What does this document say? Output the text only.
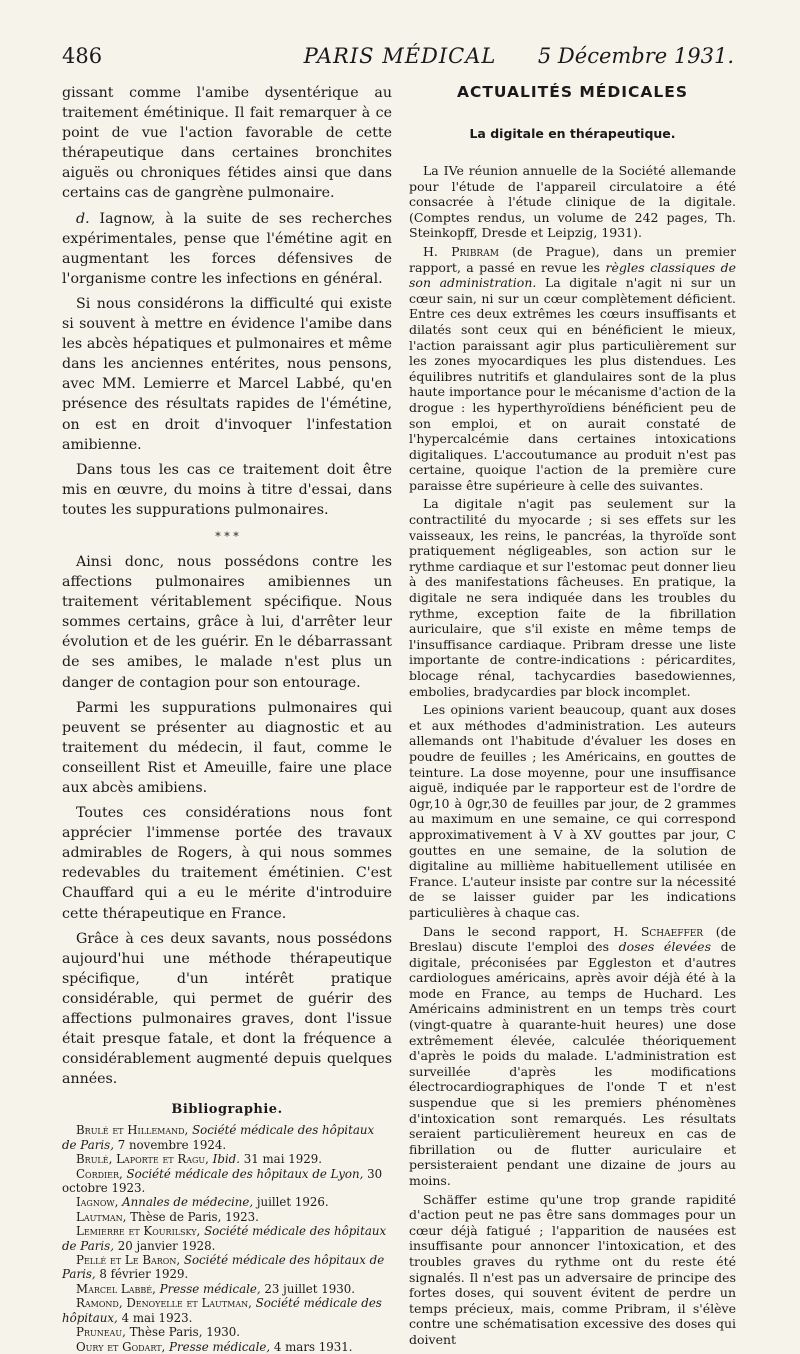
486	PARIS MÉDICAL	5 Décembre 1931.

gissant comme l'amibe dysentérique au traitement émétinique. Il fait remarquer à ce point de vue l'action favorable de cette thérapeutique dans certaines bronchites aiguës ou chroniques fétides ainsi que dans certains cas de gangrène pulmonaire.

d. Iagnow, à la suite de ses recherches expérimentales, pense que l'émétine agit en augmentant les forces défensives de l'organisme contre les infections en général.

Si nous considérons la difficulté qui existe si souvent à mettre en évidence l'amibe dans les abcès hépatiques et pulmonaires et même dans les anciennes entérites, nous pensons, avec MM. Lemierre et Marcel Labbé, qu'en présence des résultats rapides de l'émétine, on est en droit d'invoquer l'infestation amibienne.

Dans tous les cas ce traitement doit être mis en œuvre, du moins à titre d'essai, dans toutes les suppurations pulmonaires.

* * *

Ainsi donc, nous possédons contre les affections pulmonaires amibiennes un traitement véritablement spécifique. Nous sommes certains, grâce à lui, d'arrêter leur évolution et de les guérir. En le débarrassant de ses amibes, le malade n'est plus un danger de contagion pour son entourage.

Parmi les suppurations pulmonaires qui peuvent se présenter au diagnostic et au traitement du médecin, il faut, comme le conseillent Rist et Ameuille, faire une place aux abcès amibiens.

Toutes ces considérations nous font apprécier l'immense portée des travaux admirables de Rogers, à qui nous sommes redevables du traitement émétinien. C'est Chauffard qui a eu le mérite d'introduire cette thérapeutique en France.

Grâce à ces deux savants, nous possédons aujourd'hui une méthode thérapeutique spécifique, d'un intérêt pratique considérable, qui permet de guérir des affections pulmonaires graves, dont l'issue était presque fatale, et dont la fréquence a considérablement augmenté depuis quelques années.

Bibliographie.

Brulé et Hillemand, Société médicale des hôpitaux de Paris, 7 novembre 1924.

Brulé, Laporte et Ragu, Ibid. 31 mai 1929.

Cordier, Société médicale des hôpitaux de Lyon, 30 octobre 1923.

Iagnow, Annales de médecine, juillet 1926.

Lautman, Thèse de Paris, 1923.

Lemierre et Kourilsky, Société médicale des hôpitaux de Paris, 20 janvier 1928.

Pellé et Le Baron, Société médicale des hôpitaux de Paris, 8 février 1929.

Marcel Labbé, Presse médicale, 23 juillet 1930.

Ramond, Denoyelle et Lautman, Société médicale des hôpitaux, 4 mai 1923.

Pruneau, Thèse Paris, 1930.

Oury et Godart, Presse médicale, 4 mars 1931.

ACTUALITÉS MÉDICALES
La digitale en thérapeutique.

La IVe réunion annuelle de la Société allemande pour l'étude de l'appareil circulatoire a été consacrée à l'étude clinique de la digitale. (Comptes rendus, un volume de 242 pages, Th. Steinkopff, Dresde et Leipzig, 1931).

H. Pribram (de Prague), dans un premier rapport, a passé en revue les règles classiques de son administration. La digitale n'agit ni sur un cœur sain, ni sur un cœur complètement déficient. Entre ces deux extrêmes les cœurs insuffisants et dilatés sont ceux qui en bénéficient le mieux, l'action paraissant agir plus particulièrement sur les zones myocardiques les plus distendues. Les équilibres nutritifs et glandulaires sont de la plus haute importance pour le mécanisme d'action de la drogue : les hyperthyroïdiens bénéficient peu de son emploi, et on aurait constaté de l'hypercalcémie dans certaines intoxications digitaliques. L'accoutumance au produit n'est pas certaine, quoique l'action de la première cure paraisse être supérieure à celle des suivantes.

La digitale n'agit pas seulement sur la contractilité du myocarde ; si ses effets sur les vaisseaux, les reins, le pancréas, la thyroïde sont pratiquement négligeables, son action sur le rythme cardiaque et sur l'estomac peut donner lieu à des manifestations fâcheuses. En pratique, la digitale ne sera indiquée dans les troubles du rythme, exception faite de la fibrillation auriculaire, que s'il existe en même temps de l'insuffisance cardiaque. Pribram dresse une liste importante de contre-indications : péricardites, blocage rénal, tachycardies basedowiennes, embolies, bradycardies par block incomplet.

Les opinions varient beaucoup, quant aux doses et aux méthodes d'administration. Les auteurs allemands ont l'habitude d'évaluer les doses en poudre de feuilles ; les Américains, en gouttes de teinture. La dose moyenne, pour une insuffisance aiguë, indiquée par le rapporteur est de l'ordre de 0gr,10 à 0gr,30 de feuilles par jour, de 2 grammes au maximum en une semaine, ce qui correspond approximativement à V à XV gouttes par jour, C gouttes en une semaine, de la solution de digitaline au millième habituellement utilisée en France. L'auteur insiste par contre sur la nécessité de se laisser guider par les indications particulières à chaque cas.

Dans le second rapport, H. Schaeffer (de Breslau) discute l'emploi des doses élevées de digitale, préconisées par Eggleston et d'autres cardiologues américains, après avoir déjà été à la mode en France, au temps de Huchard. Les Américains administrent en un temps très court (vingt-quatre à quarante-huit heures) une dose extrêmement élevée, calculée théoriquement d'après le poids du malade. L'administration est surveillée d'après les modifications électrocardiographiques de l'onde T et n'est suspendue que si les premiers phénomènes d'intoxication sont remarqués. Les résultats seraient particulièrement heureux en cas de fibrillation ou de flutter auriculaire et persisteraient pendant une dizaine de jours au moins.

Schäffer estime qu'une trop grande rapidité d'action peut ne pas être sans dommages pour un cœur déjà fatigué ; l'apparition de nausées est insuffisante pour annoncer l'intoxication, et des troubles graves du rythme ont du reste été signalés. Il n'est pas un adversaire de principe des fortes doses, qui souvent évitent de perdre un temps précieux, mais, comme Pribram, il s'élève contre une schématisation excessive des doses qui doivent
